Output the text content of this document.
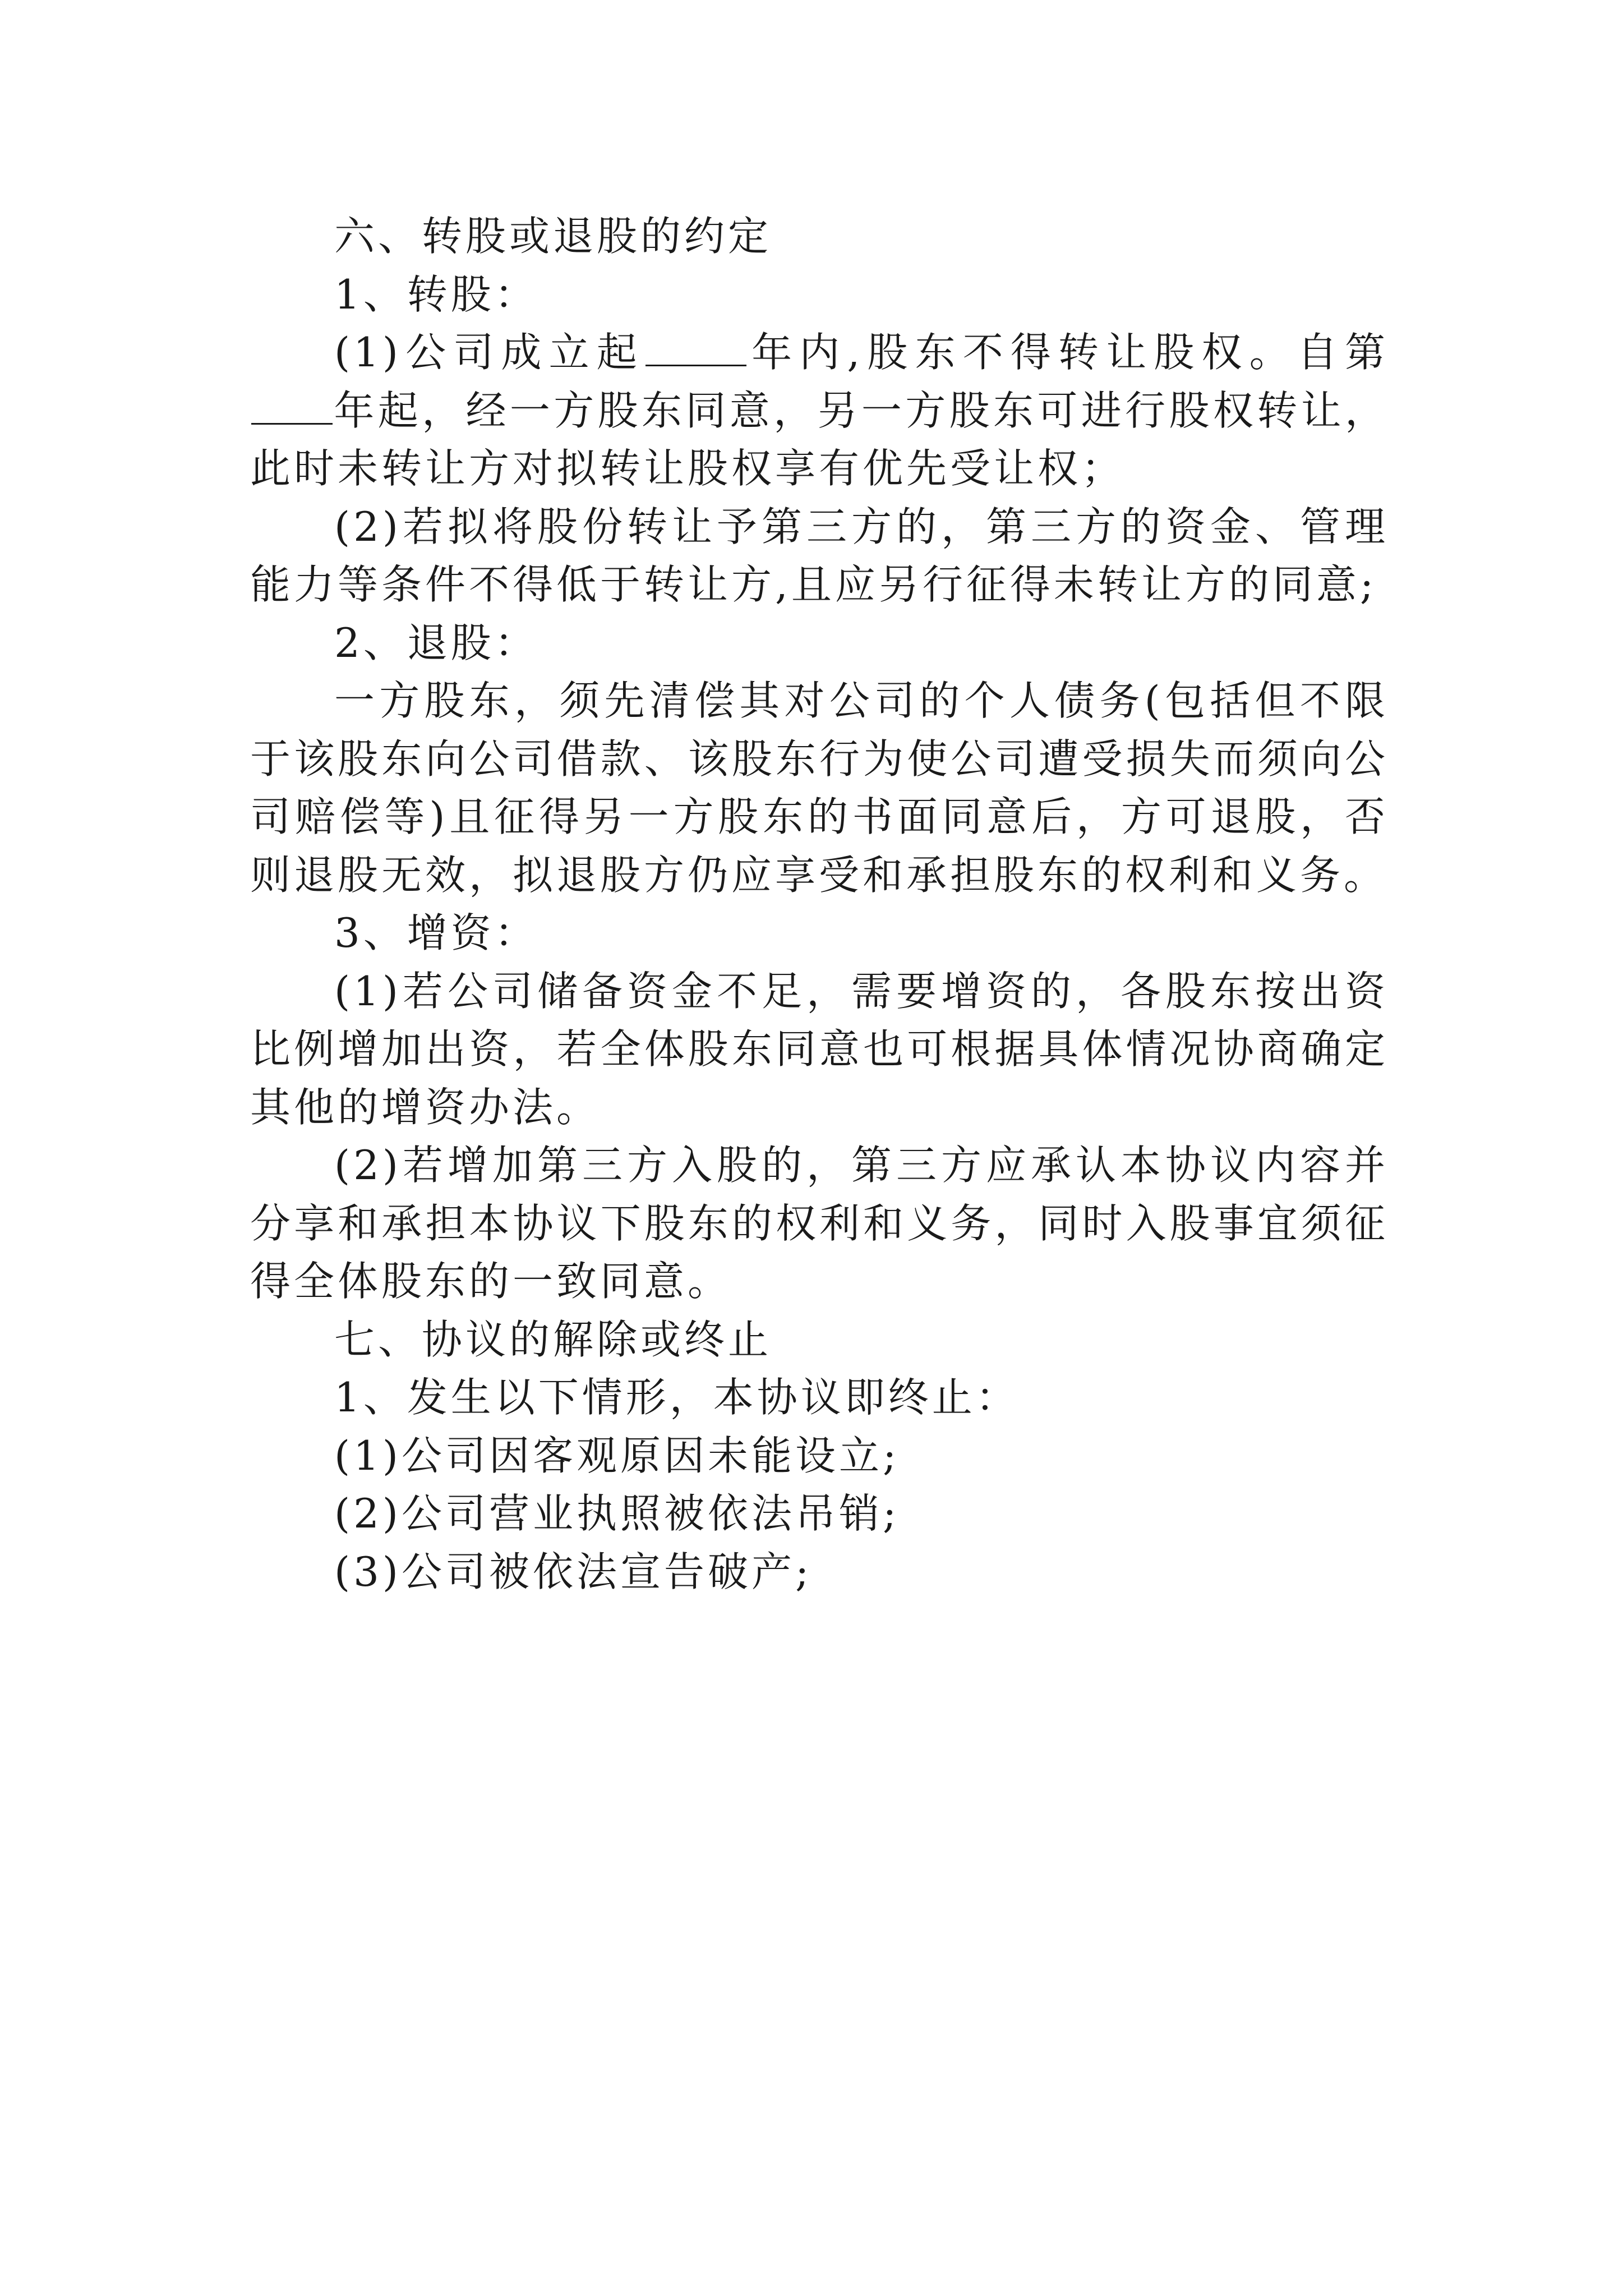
六、转股或退股的约定

1、转股：

(1)公司成立起	年内,股东不得转让股权。自第年起，经一方股东同意，另一方股东可进行股权转让，此时未转让方对拟转让股权享有优先受让权；

(2)若拟将股份转让予第三方的，第三方的资金、管理能力等条件不得低于转让方,且应另行征得未转让方的同意;

2、退股：

一方股东，须先清偿其对公司的个人债务(包括但不限于该股东向公司借款、该股东行为使公司遭受损失而须向公司赔偿等)且征得另一方股东的书面同意后，方可退股，否则退股无效，拟退股方仍应享受和承担股东的权利和义务。

3、增资：

(1)若公司储备资金不足，需要增资的，各股东按出资比例增加出资，若全体股东同意也可根据具体情况协商确定其他的增资办法。

(2)若增加第三方入股的，第三方应承认本协议内容并分享和承担本协议下股东的权利和义务，同时入股事宜须征得全体股东的一致同意。

七、协议的解除或终止

1、发生以下情形，本协议即终止：

(1)公司因客观原因未能设立;

(2)公司营业执照被依法吊销;

(3)公司被依法宣告破产;
